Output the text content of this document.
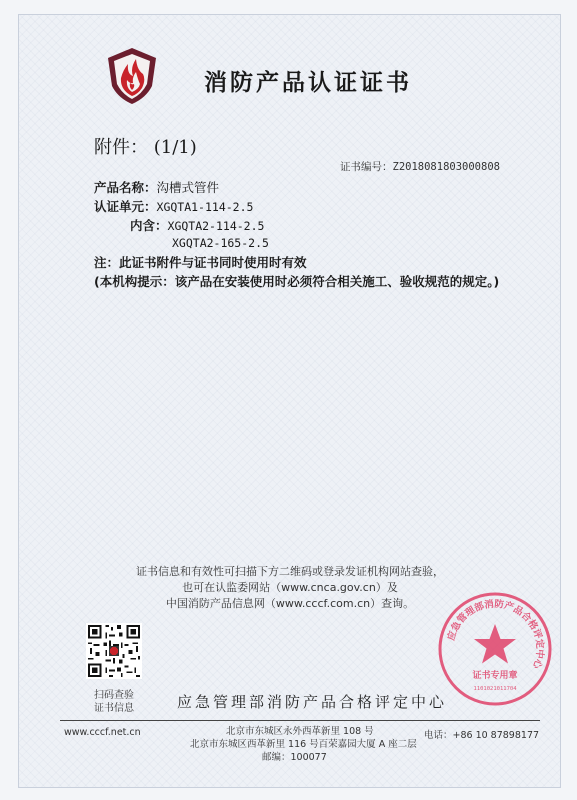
消防产品认证证书
附件： (1/1)
证书编号：Z2018081803000808
产品名称：沟槽式管件
认证单元：XGQTA1-114-2.5
内含：XGQTA2-114-2.5
XGQTA2-165-2.5
注：此证书附件与证书同时使用时有效
(本机构提示：该产品在安装使用时必须符合相关施工、验收规范的规定。)
证书信息和有效性可扫描下方二维码或登录发证机构网站查验，
也可在认监委网站（www.cnca.gov.cn）及
中国消防产品信息网（www.cccf.com.cn）查询。
扫码查验
证书信息	应急管理部消防产品合格评定中心
www.cccf.net.cn	北京市东城区永外西革新里 108 号
北京市东城区西革新里 116 号百荣嘉园大厦 A 座二层
邮编：100077
电话：+86 10 87898177
应急管理部消防产品合格评定中心
证书专用章
1101021011704
